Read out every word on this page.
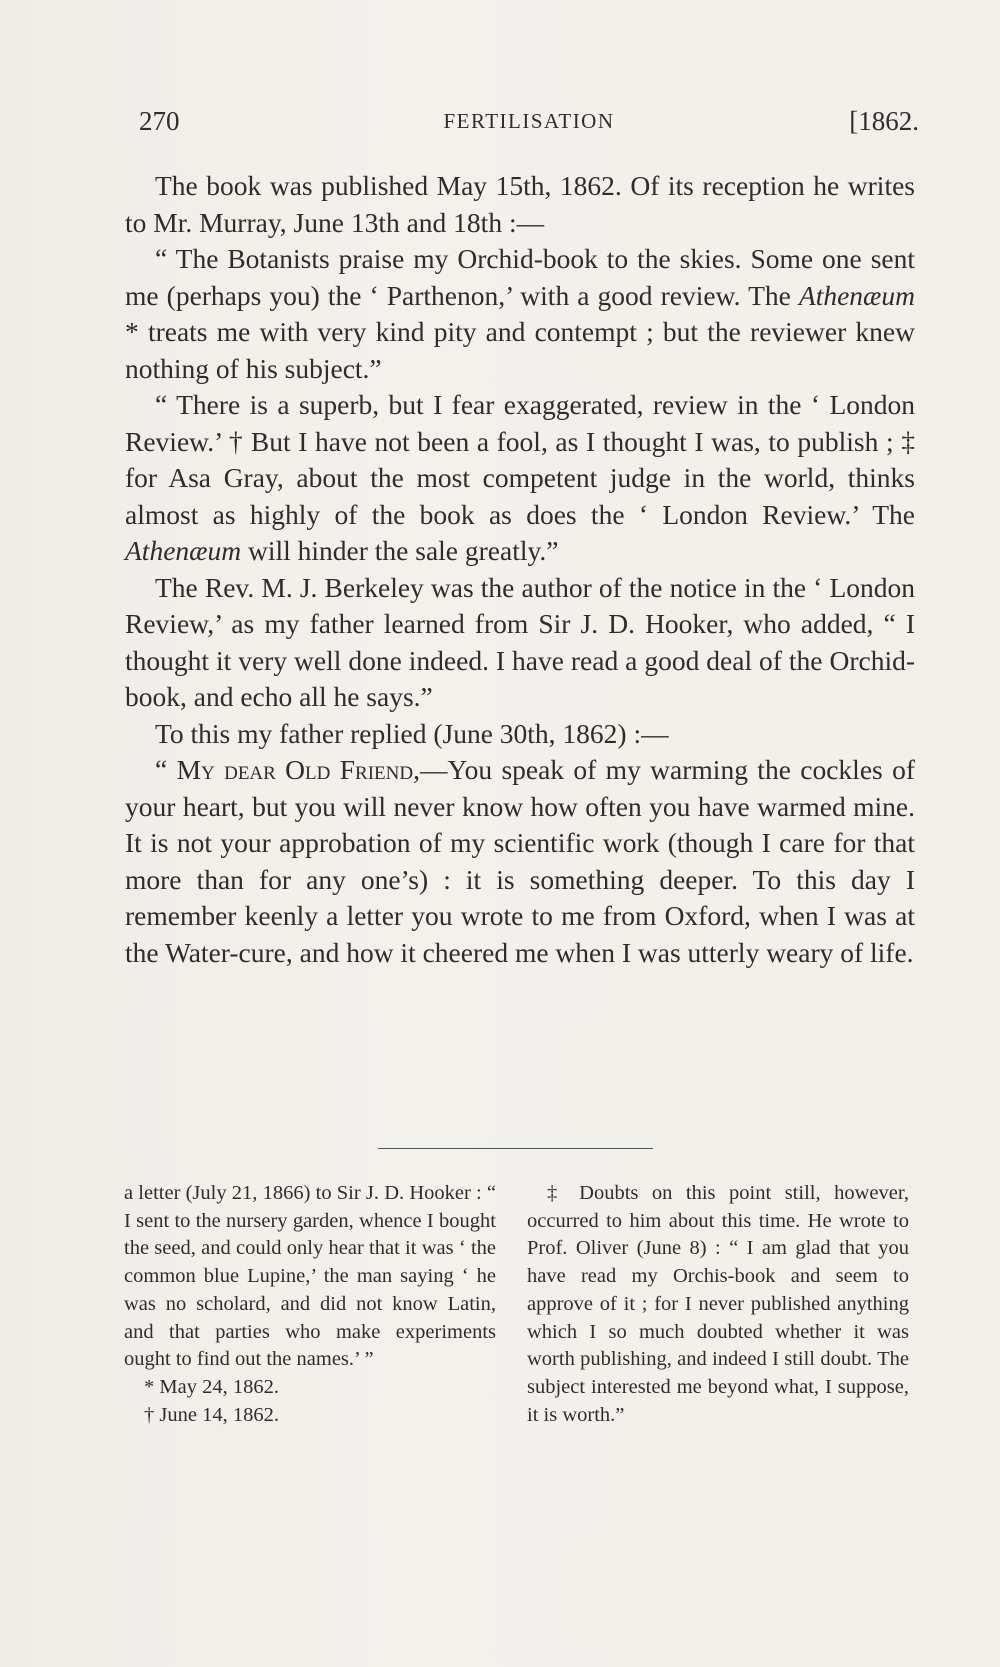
270	FERTILISATION	[1862.

The book was published May 15th, 1862. Of its reception he writes to Mr. Murray, June 13th and 18th :—

“ The Botanists praise my Orchid-book to the skies. Some one sent me (perhaps you) the ‘ Parthenon,’ with a good review. The Athenæum * treats me with very kind pity and contempt ; but the reviewer knew nothing of his subject.”

“ There is a superb, but I fear exaggerated, review in the ‘ London Review.’ † But I have not been a fool, as I thought I was, to publish ; ‡ for Asa Gray, about the most competent judge in the world, thinks almost as highly of the book as does the ‘ London Review.’ The Athenæum will hinder the sale greatly.”

The Rev. M. J. Berkeley was the author of the notice in the ‘ London Review,’ as my father learned from Sir J. D. Hooker, who added, “ I thought it very well done indeed. I have read a good deal of the Orchid-book, and echo all he says.”

To this my father replied (June 30th, 1862) :—

“ My dear Old Friend,—You speak of my warming the cockles of your heart, but you will never know how often you have warmed mine. It is not your approbation of my scientific work (though I care for that more than for any one’s) : it is something deeper. To this day I remember keenly a letter you wrote to me from Oxford, when I was at the Water-cure, and how it cheered me when I was utterly weary of life.

a letter (July 21, 1866) to Sir J. D. Hooker : “ I sent to the nursery garden, whence I bought the seed, and could only hear that it was ‘ the common blue Lupine,’ the man saying ‘ he was no scholard, and did not know Latin, and that parties who make experiments ought to find out the names.’ ”

* May 24, 1862.

† June 14, 1862.

‡ Doubts on this point still, however, occurred to him about this time. He wrote to Prof. Oliver (June 8) : “ I am glad that you have read my Orchis-book and seem to approve of it ; for I never published anything which I so much doubted whether it was worth publishing, and indeed I still doubt. The subject interested me beyond what, I suppose, it is worth.”
